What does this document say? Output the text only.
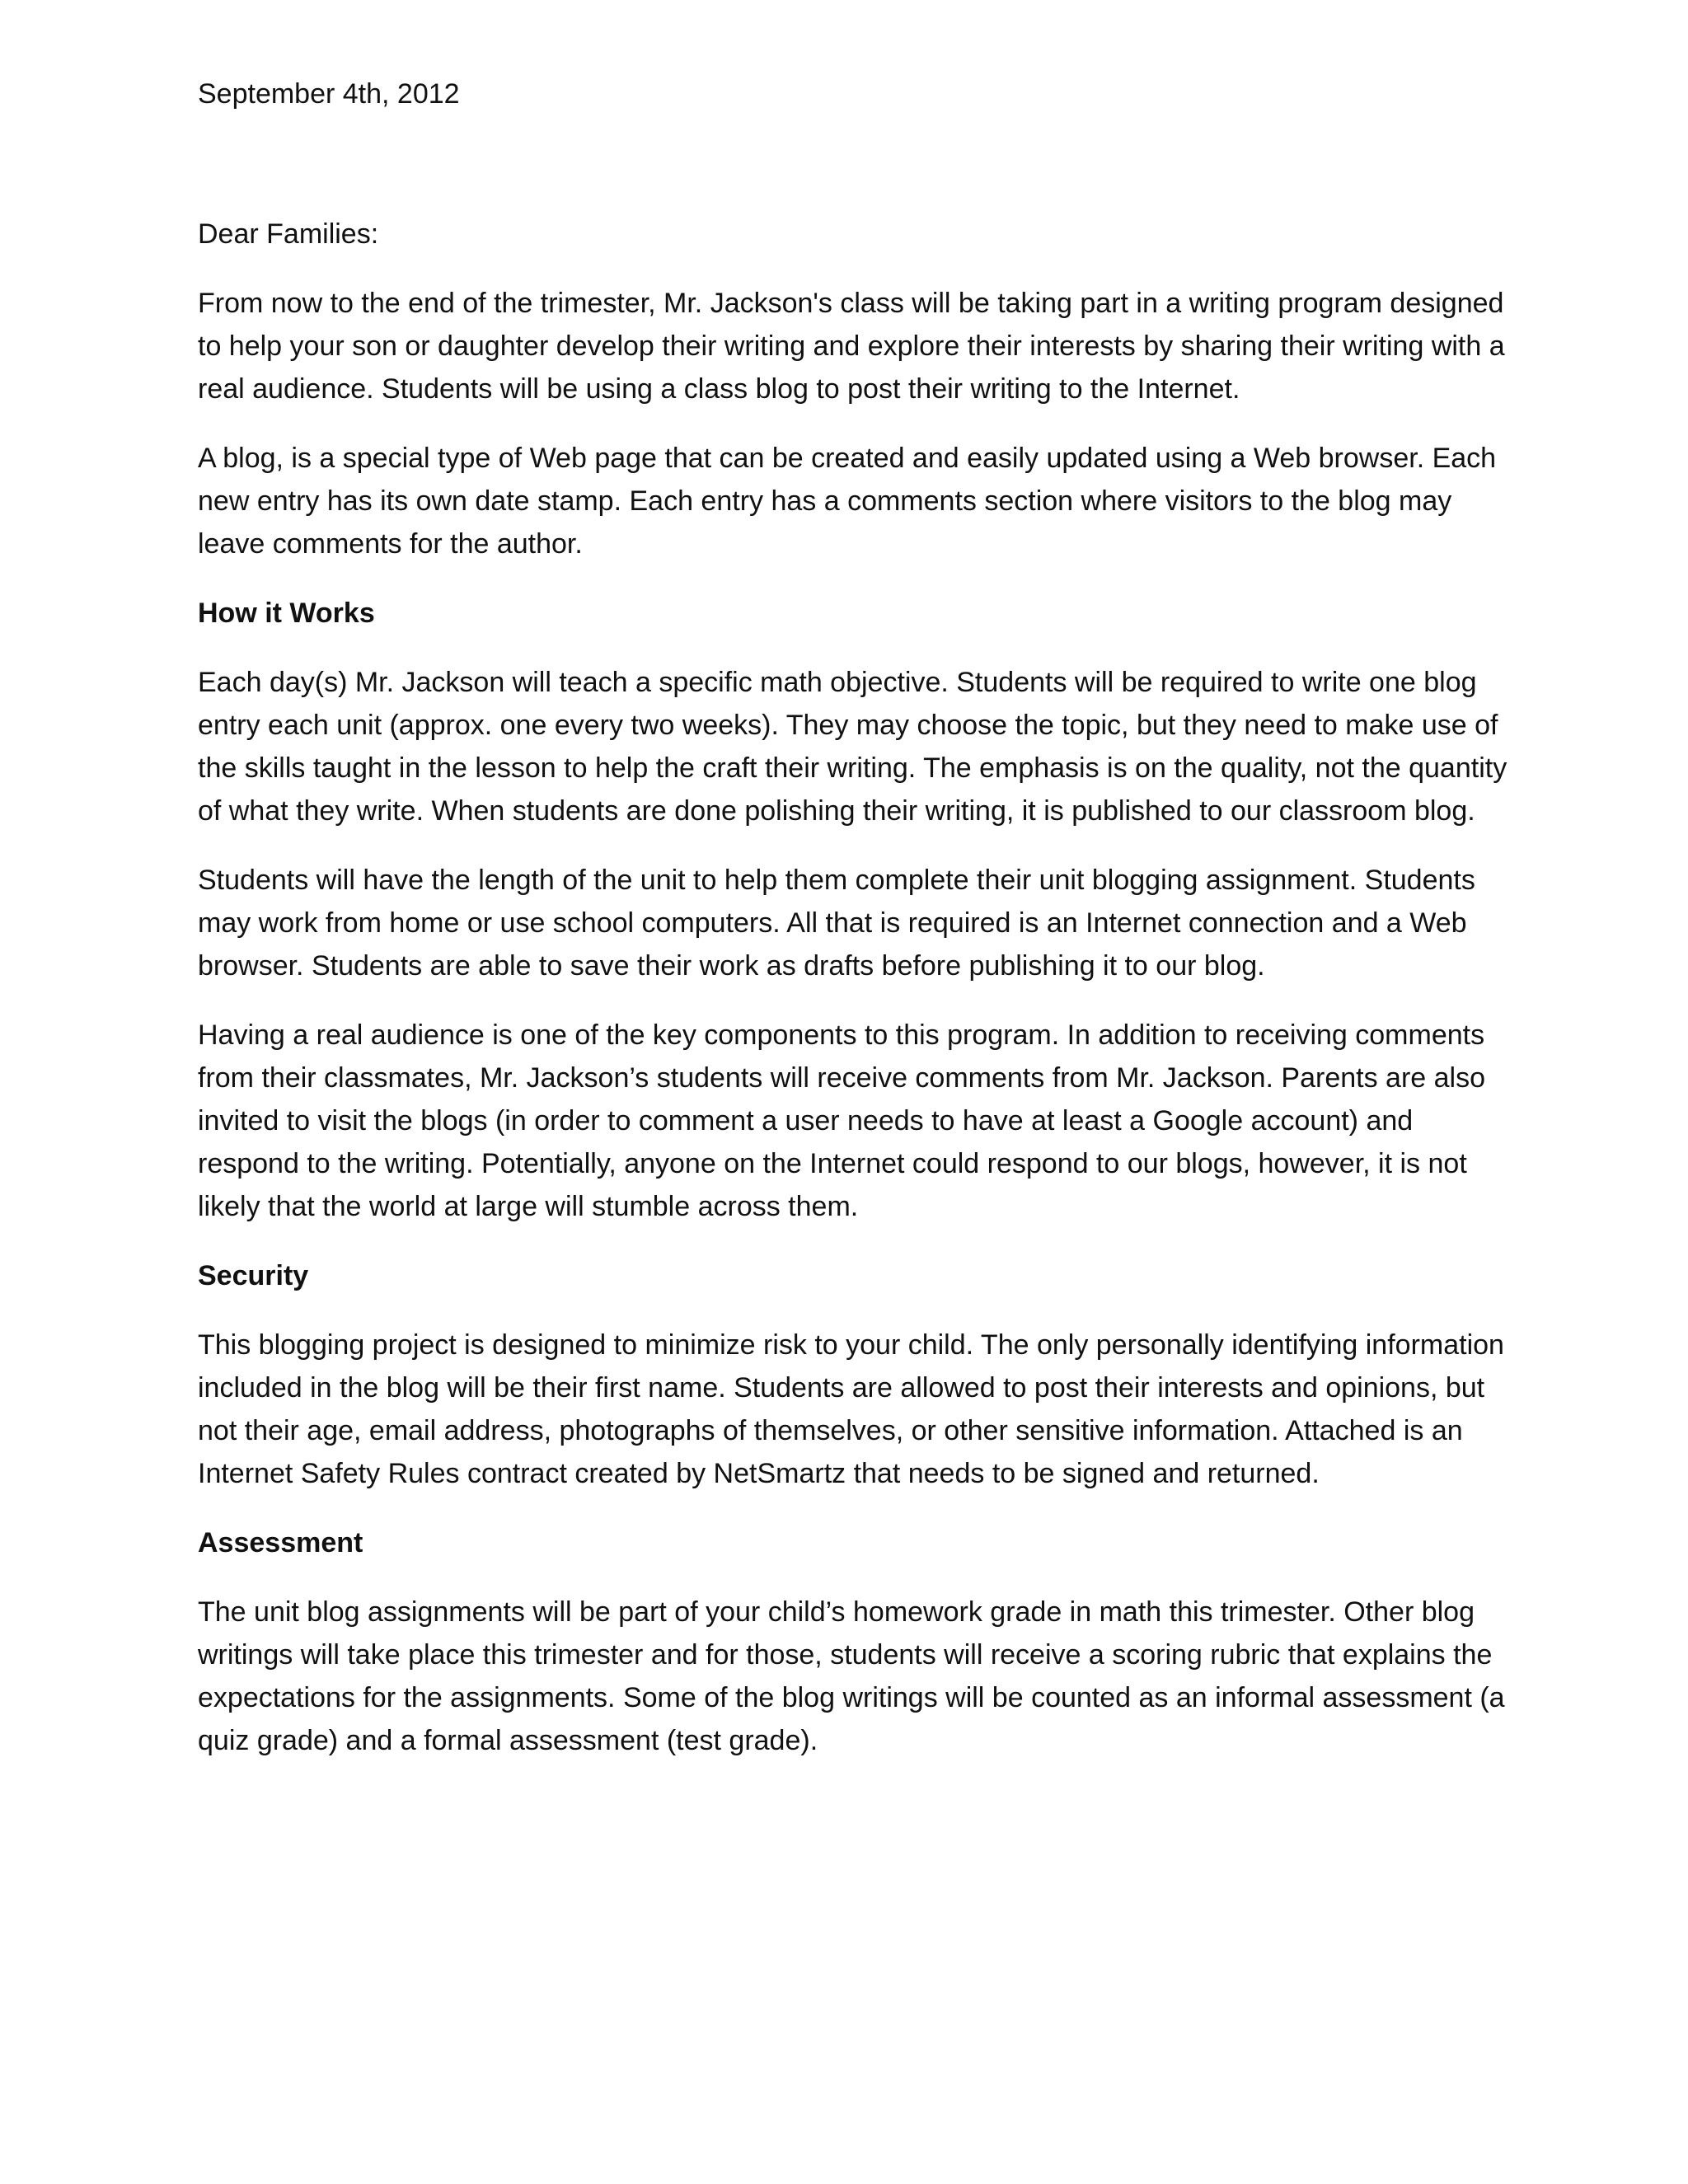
September 4th, 2012

Dear Families:

From now to the end of the trimester, Mr. Jackson's class will be taking part in a writing program designed to help your son or daughter develop their writing and explore their interests by sharing their writing with a real audience. Students will be using a class blog to post their writing to the Internet.

A blog, is a special type of Web page that can be created and easily updated using a Web browser. Each new entry has its own date stamp. Each entry has a comments section where visitors to the blog may leave comments for the author.

How it Works

Each day(s) Mr. Jackson will teach a specific math objective. Students will be required to write one blog entry each unit (approx. one every two weeks). They may choose the topic, but they need to make use of the skills taught in the lesson to help the craft their writing. The emphasis is on the quality, not the quantity of what they write. When students are done polishing their writing, it is published to our classroom blog.

Students will have the length of the unit to help them complete their unit blogging assignment. Students may work from home or use school computers. All that is required is an Internet connection and a Web browser. Students are able to save their work as drafts before publishing it to our blog.

Having a real audience is one of the key components to this program. In addition to receiving comments from their classmates, Mr. Jackson’s students will receive comments from Mr. Jackson. Parents are also invited to visit the blogs (in order to comment a user needs to have at least a Google account) and respond to the writing. Potentially, anyone on the Internet could respond to our blogs, however, it is not likely that the world at large will stumble across them.

Security

This blogging project is designed to minimize risk to your child. The only personally identifying information included in the blog will be their first name. Students are allowed to post their interests and opinions, but not their age, email address, photographs of themselves, or other sensitive information. Attached is an Internet Safety Rules contract created by NetSmartz that needs to be signed and returned.

Assessment

The unit blog assignments will be part of your child’s homework grade in math this trimester. Other blog writings will take place this trimester and for those, students will receive a scoring rubric that explains the expectations for the assignments. Some of the blog writings will be counted as an informal assessment (a quiz grade) and a formal assessment (test grade).
